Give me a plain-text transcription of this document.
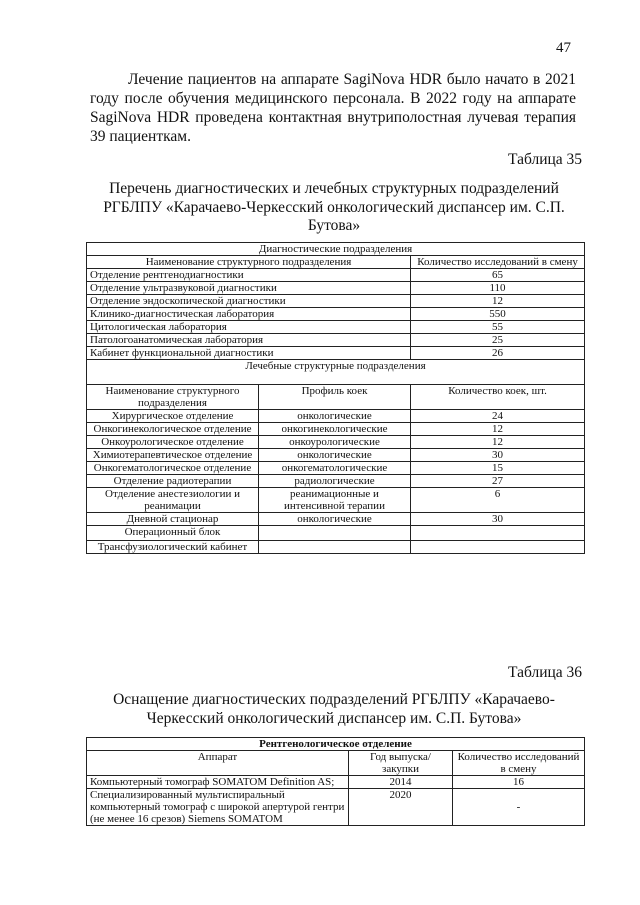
47

Лечение пациентов на аппарате SagiNova HDR было начато в 2021 году после обучения медицинского персонала. В 2022 году на аппарате SagiNova HDR проведена контактная внутриполостная лучевая терапия 39 пациенткам.

Таблица 35

Перечень диагностических и лечебных структурных подразделений РГБЛПУ «Карачаево-Черкесский онкологический диспансер им. С.П. Бутова»

Диагностические подразделения		
Наименование структурного подразделения		Количество исследований в смену
Отделение рентгенодиагностики		65
Отделение ультразвуковой диагностики		110
Отделение эндоскопической диагностики		12
Клинико-диагностическая лаборатория		550
Цитологическая лаборатория		55
Патологоанатомическая лаборатория		25
Кабинет функциональной диагностики		26
Лечебные структурные подразделения		
Наименование структурного подразделения	Профиль коек	Количество коек, шт.
Хирургическое отделение	онкологические	24
Онкогинекологическое отделение	онкогинекологические	12
Онкоурологическое отделение	онкоурологические	12
Химиотерапевтическое отделение	онкологические	30
Онкогематологическое отделение	онкогематологические	15
Отделение радиотерапии	радиологические	27
Отделение анестезиологии и реанимации	реанимационные и интенсивной терапии	6
Дневной стационар	онкологические	30
Операционный блок		
Трансфузиологический кабинет		
Таблица 36

Оснащение диагностических подразделений РГБЛПУ «Карачаево-Черкесский онкологический диспансер им. С.П. Бутова»

Рентгенологическое отделение		
Аппарат	Год выпуска/закупки	Количество исследований в смену
Компьютерный томограф SOMATOM Definition AS;	2014	16
Специализированный мультиспиральный компьютерный томограф с широкой апертурой гентри (не менее 16 срезов) Siemens SOMATOM	2020	-
